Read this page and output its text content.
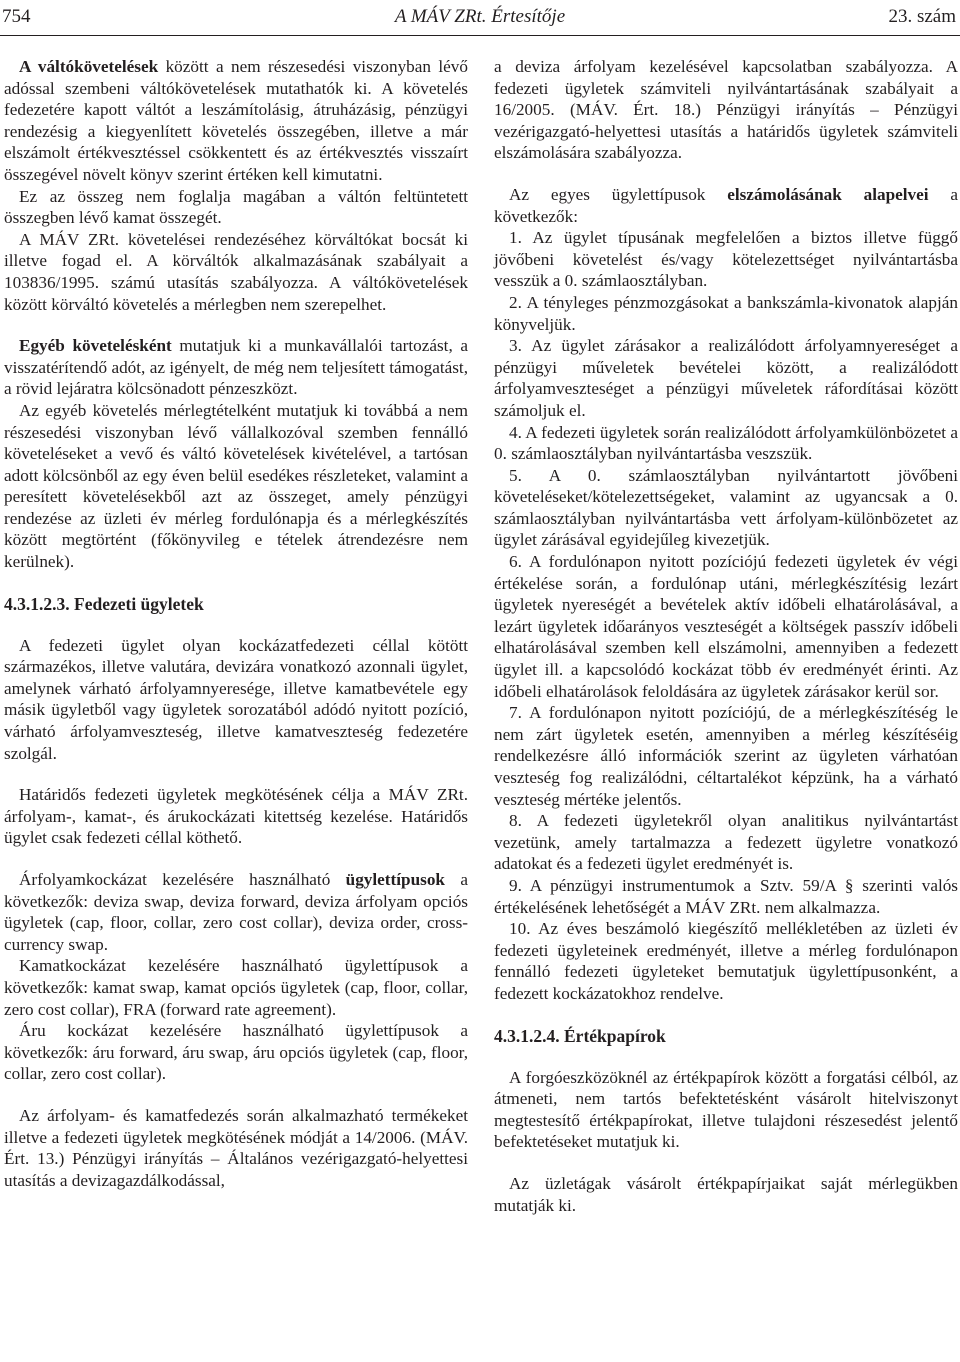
754	A MÁV ZRt. Értesítője	23. szám

A váltókövetelések között a nem részesedési viszonyban lévő adóssal szembeni váltókövetelések mutathatók ki. A követelés fedezetére kapott váltót a leszámítolásig, átruházásig, pénzügyi rendezésig a kiegyenlített követelés összegében, illetve a már elszámolt értékvesztéssel csökkentett és az értékvesztés visszaírt összegével növelt könyv szerint értéken kell kimutatni.

Ez az összeg nem foglalja magában a váltón feltüntetett összegben lévő kamat összegét.

A MÁV ZRt. követelései rendezéséhez körváltókat bocsát ki illetve fogad el. A körváltók alkalmazásának szabályait a 103836/1995. számú utasítás szabályozza. A váltókövetelések között körváltó követelés a mérlegben nem szerepelhet.

Egyéb követelésként mutatjuk ki a munkavállalói tartozást, a visszatérítendő adót, az igényelt, de még nem teljesített támogatást, a rövid lejáratra kölcsönadott pénzeszközt.

Az egyéb követelés mérlegtételként mutatjuk ki továbbá a nem részesedési viszonyban lévő vállalkozóval szemben fennálló követeléseket a vevő és váltó követelések kivételével, a tartósan adott kölcsönből az egy éven belül esedékes részleteket, valamint a peresített követelésekből azt az összeget, amely pénzügyi rendezése az üzleti év mérleg fordulónapja és a mérlegkészítés között megtörtént (főkönyvileg e tételek átrendezésre nem kerülnek).

4.3.1.2.3. Fedezeti ügyletek

A fedezeti ügylet olyan kockázatfedezeti céllal kötött származékos, illetve valutára, devizára vonatkozó azonnali ügylet, amelynek várható árfolyamnyeresége, illetve kamatbevétele egy másik ügyletből vagy ügyletek sorozatából adódó nyitott pozíció, várható árfolyamveszteség, illetve kamatveszteség fedezetére szolgál.

Határidős fedezeti ügyletek megkötésének célja a MÁV ZRt. árfolyam-, kamat-, és árukockázati kitettség kezelése. Határidős ügylet csak fedezeti céllal köthető.

Árfolyamkockázat kezelésére használható ügylettípusok a következők: deviza swap, deviza forward, deviza árfolyam opciós ügyletek (cap, floor, collar, zero cost collar), deviza order, cross-currency swap.

Kamatkockázat kezelésére használható ügylettípusok a következők: kamat swap, kamat opciós ügyletek (cap, floor, collar, zero cost collar), FRA (forward rate agreement).

Áru kockázat kezelésére használható ügylettípusok a következők: áru forward, áru swap, áru opciós ügyletek (cap, floor, collar, zero cost collar).

Az árfolyam- és kamatfedezés során alkalmazható termékeket illetve a fedezeti ügyletek megkötésének módját a 14/2006. (MÁV. Ért. 13.) Pénzügyi irányítás – Általános vezérigazgató-helyettesi utasítás a devizagazdálkodással,

a deviza árfolyam kezelésével kapcsolatban szabályozza. A fedezeti ügyletek számviteli nyilvántartásának szabályait a 16/2005. (MÁV. Ért. 18.) Pénzügyi irányítás – Pénzügyi vezérigazgató-helyettesi utasítás a határidős ügyletek számviteli elszámolására szabályozza.

Az egyes ügylettípusok elszámolásának alapelvei a következők:

1. Az ügylet típusának megfelelően a biztos illetve függő jövőbeni követelést és/vagy kötelezettséget nyilvántartásba vesszük a 0. számlaosztályban.

2. A tényleges pénzmozgásokat a bankszámla-kivonatok alapján könyveljük.

3. Az ügylet zárásakor a realizálódott árfolyamnyereséget a pénzügyi műveletek bevételei között, a realizálódott árfolyamveszteséget a pénzügyi műveletek ráfordításai között számoljuk el.

4. A fedezeti ügyletek során realizálódott árfolyamkülönbözetet a 0. számlaosztályban nyilvántartásba veszszük.

5. A 0. számlaosztályban nyilvántartott jövőbeni követeléseket/kötelezettségeket, valamint az ugyancsak a 0. számlaosztályban nyilvántartásba vett árfolyam-különbözetet az ügylet zárásával egyidejűleg kivezetjük.

6. A fordulónapon nyitott pozíciójú fedezeti ügyletek év végi értékelése során, a fordulónap utáni, mérlegkészítésig lezárt ügyletek nyereségét a bevételek aktív időbeli elhatárolásával, a lezárt ügyletek időarányos veszteségét a költségek passzív időbeli elhatárolásával szemben kell elszámolni, amennyiben a fedezett ügylet ill. a kapcsolódó kockázat több év eredményét érinti. Az időbeli elhatárolások feloldására az ügyletek zárásakor kerül sor.

7. A fordulónapon nyitott pozíciójú, de a mérlegkészítéség le nem zárt ügyletek esetén, amennyiben a mérleg készítéséig rendelkezésre álló információk szerint az ügyleten várhatóan veszteség fog realizálódni, céltartalékot képzünk, ha a várható veszteség mértéke jelentős.

8. A fedezeti ügyletekről olyan analitikus nyilvántartást vezetünk, amely tartalmazza a fedezett ügyletre vonatkozó adatokat és a fedezeti ügylet eredményét is.

9. A pénzügyi instrumentumok a Sztv. 59/A § szerinti valós értékelésének lehetőségét a MÁV ZRt. nem alkalmazza.

10. Az éves beszámoló kiegészítő mellékletében az üzleti év fedezeti ügyleteinek eredményét, illetve a mérleg fordulónapon fennálló fedezeti ügyleteket bemutatjuk ügylettípusonként, a fedezett kockázatokhoz rendelve.

4.3.1.2.4. Értékpapírok

A forgóeszközöknél az értékpapírok között a forgatási célból, az átmeneti, nem tartós befektetésként vásárolt hitelviszonyt megtestesítő értékpapírokat, illetve tulajdoni részesedést jelentő befektetéseket mutatjuk ki.

Az üzletágak vásárolt értékpapírjaikat saját mérlegükben mutatják ki.
